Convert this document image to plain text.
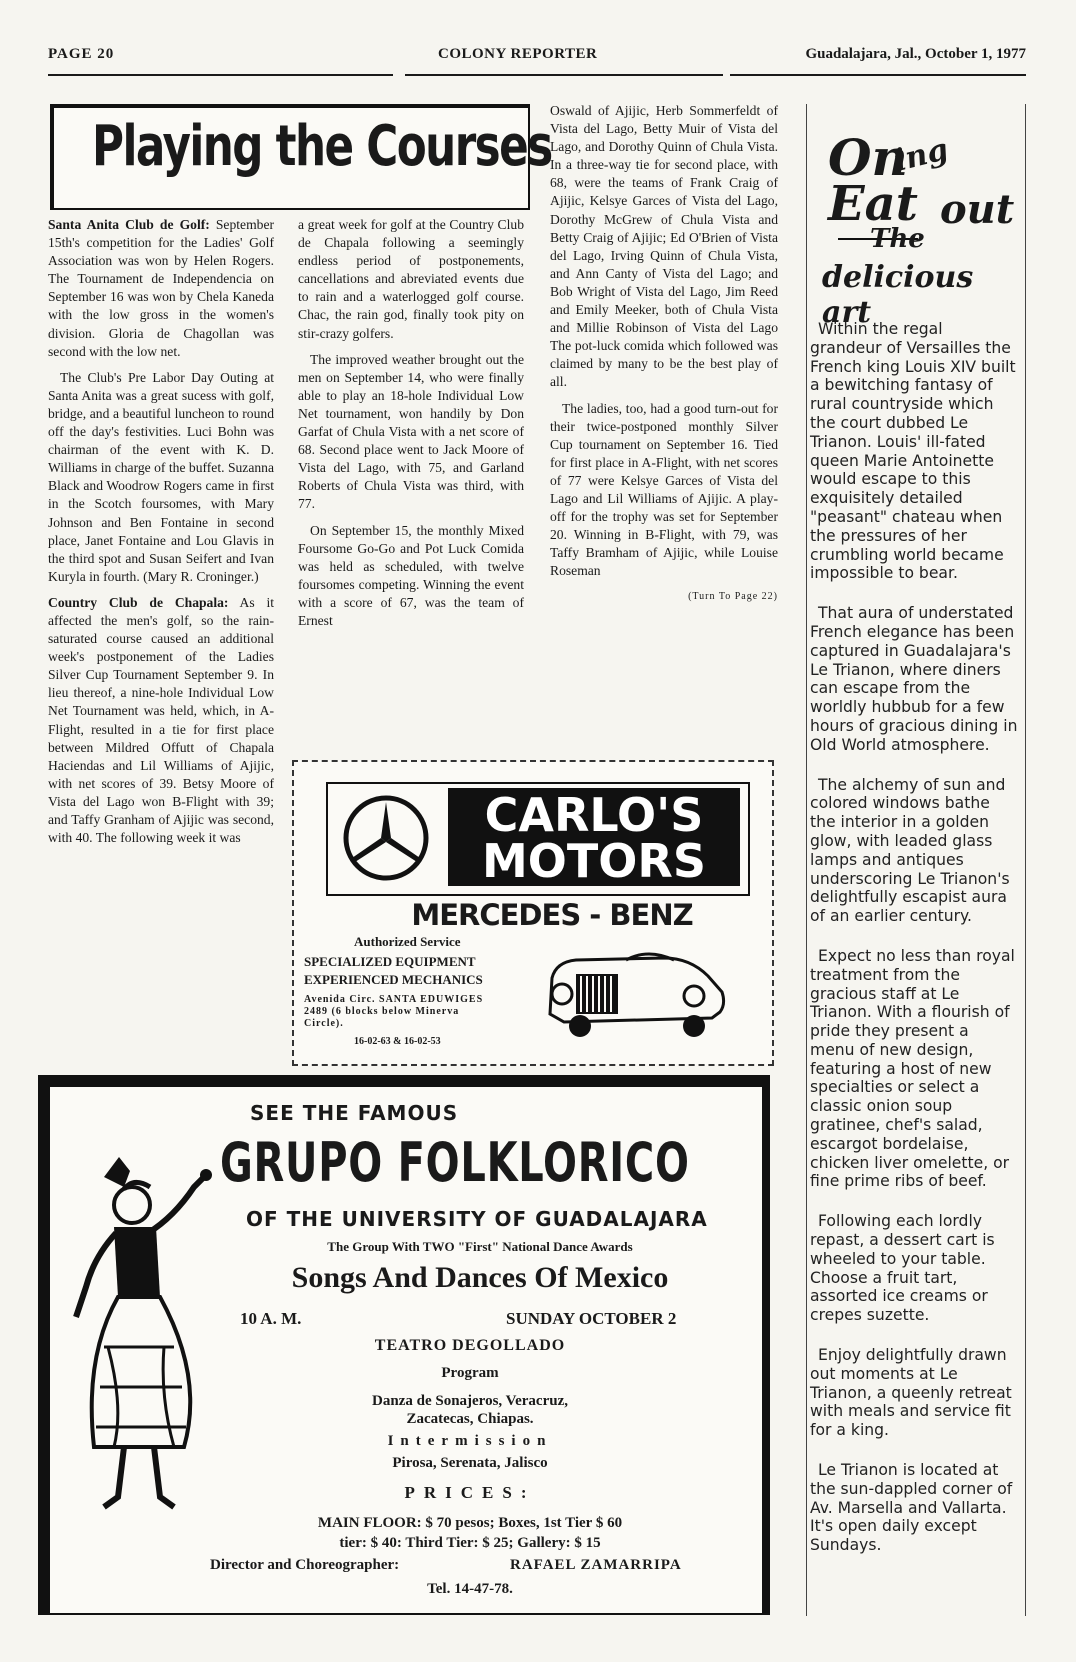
PAGE 20	COLONY REPORTER	Guadalajara, Jal., October 1, 1977
Playing the Courses

Santa Anita Club de Golf: September 15th's competition for the Ladies' Golf Association was won by Helen Rogers. The Tournament de Independencia on September 16 was won by Chela Kaneda with the low gross in the women's division. Gloria de Chagollan was second with the low net.

The Club's Pre Labor Day Outing at Santa Anita was a great sucess with golf, bridge, and a beautiful luncheon to round off the day's festivities. Luci Bohn was chairman of the event with K. D. Williams in charge of the buffet. Suzanna Black and Woodrow Rogers came in first in the Scotch foursomes, with Mary Johnson and Ben Fontaine in second place, Janet Fontaine and Lou Glavis in the third spot and Susan Seifert and Ivan Kuryla in fourth. (Mary R. Croninger.)

Country Club de Chapala: As it affected the men's golf, so the rain-saturated course caused an additional week's postponement of the Ladies Silver Cup Tournament September 9. In lieu thereof, a nine-hole Individual Low Net Tournament was held, which, in A-Flight, resulted in a tie for first place between Mildred Offutt of Chapala Haciendas and Lil Williams of Ajijic, with net scores of 39. Betsy Moore of Vista del Lago won B-Flight with 39; and Taffy Granham of Ajijic was second, with 40. The following week it was

a great week for golf at the Country Club de Chapala following a seemingly endless period of postponements, cancellations and abreviated events due to rain and a waterlogged golf course. Chac, the rain god, finally took pity on stir-crazy golfers.

The improved weather brought out the men on September 14, who were finally able to play an 18-hole Individual Low Net tournament, won handily by Don Garfat of Chula Vista with a net score of 68. Second place went to Jack Moore of Vista del Lago, with 75, and Garland Roberts of Chula Vista was third, with 77.

On September 15, the monthly Mixed Foursome Go-Go and Pot Luck Comida was held as scheduled, with twelve foursomes competing. Winning the event with a score of 67, was the team of Ernest

Oswald of Ajijic, Herb Sommerfeldt of Vista del Lago, Betty Muir of Vista del Lago, and Dorothy Quinn of Chula Vista. In a three-way tie for second place, with 68, were the teams of Frank Craig of Ajijic, Kelsye Garces of Vista del Lago, Dorothy McGrew of Chula Vista and Betty Craig of Ajijic; Ed O'Brien of Vista del Lago, Irving Quinn of Chula Vista, and Ann Canty of Vista del Lago; and Bob Wright of Vista del Lago, Jim Reed and Emily Meeker, both of Chula Vista and Millie Robinson of Vista del Lago The pot-luck comida which followed was claimed by many to be the best play of all.

The ladies, too, had a good turn-out for their twice-postponed monthly Silver Cup tournament on September 16. Tied for first place in A-Flight, with net scores of 77 were Kelsye Garces of Vista del Lago and Lil Williams of Ajijic. A play-off for the trophy was set for September 20. Winning in B-Flight, with 79, was Taffy Bramham of Ajijic, while Louise Roseman

(Turn To Page 22)
On
ing
Eat out
The
delicious art

Within the regal grandeur of Versailles the French king Louis XIV built a bewitching fantasy of rural countryside which the court dubbed Le Trianon. Louis' ill-fated queen Marie Antoinette would escape to this exquisitely detailed "peasant" chateau when the pressures of her crumbling world became impossible to bear.

That aura of understated French elegance has been captured in Guadalajara's Le Trianon, where diners can escape from the worldly hubbub for a few hours of gracious dining in Old World atmosphere.

The alchemy of sun and colored windows bathe the interior in a golden glow, with leaded glass lamps and antiques underscoring Le Trianon's delightfully escapist aura of an earlier century.

Expect no less than royal treatment from the gracious staff at Le Trianon. With a flourish of pride they present a menu of new design, featuring a host of new specialties or select a classic onion soup gratinee, chef's salad, escargot bordelaise, chicken liver omelette, or fine prime ribs of beef.

Following each lordly repast, a dessert cart is wheeled to your table. Choose a fruit tart, assorted ice creams or crepes suzette.

Enjoy delightfully drawn out moments at Le Trianon, a queenly retreat with meals and service fit for a king.

Le Trianon is located at the sun-dappled corner of Av. Marsella and Vallarta. It's open daily except Sundays.

CARLO'S
MOTORS
MERCEDES - BENZ
Authorized Service
SPECIALIZED EQUIPMENT
EXPERIENCED MECHANICS
Avenida Circ. SANTA EDUWIGES
2489 (6 blocks below Minerva
Circle).
16-02-63 & 16-02-53
SEE THE FAMOUS
GRUPO FOLKLORICO
OF THE UNIVERSITY OF GUADALAJARA
The Group With TWO "First" National Dance Awards
Songs And Dances Of Mexico
10 A. M.	SUNDAY OCTOBER 2
TEATRO DEGOLLADO
Program
Danza de Sonajeros, Veracruz,
Zacatecas, Chiapas.
Intermission
Pirosa, Serenata, Jalisco
PRICES:
MAIN FLOOR: $ 70 pesos; Boxes, 1st Tier $ 60
tier: $ 40: Third Tier: $ 25; Gallery: $ 15
Director and Choreographer:	RAFAEL ZAMARRIPA
Tel. 14-47-78.
